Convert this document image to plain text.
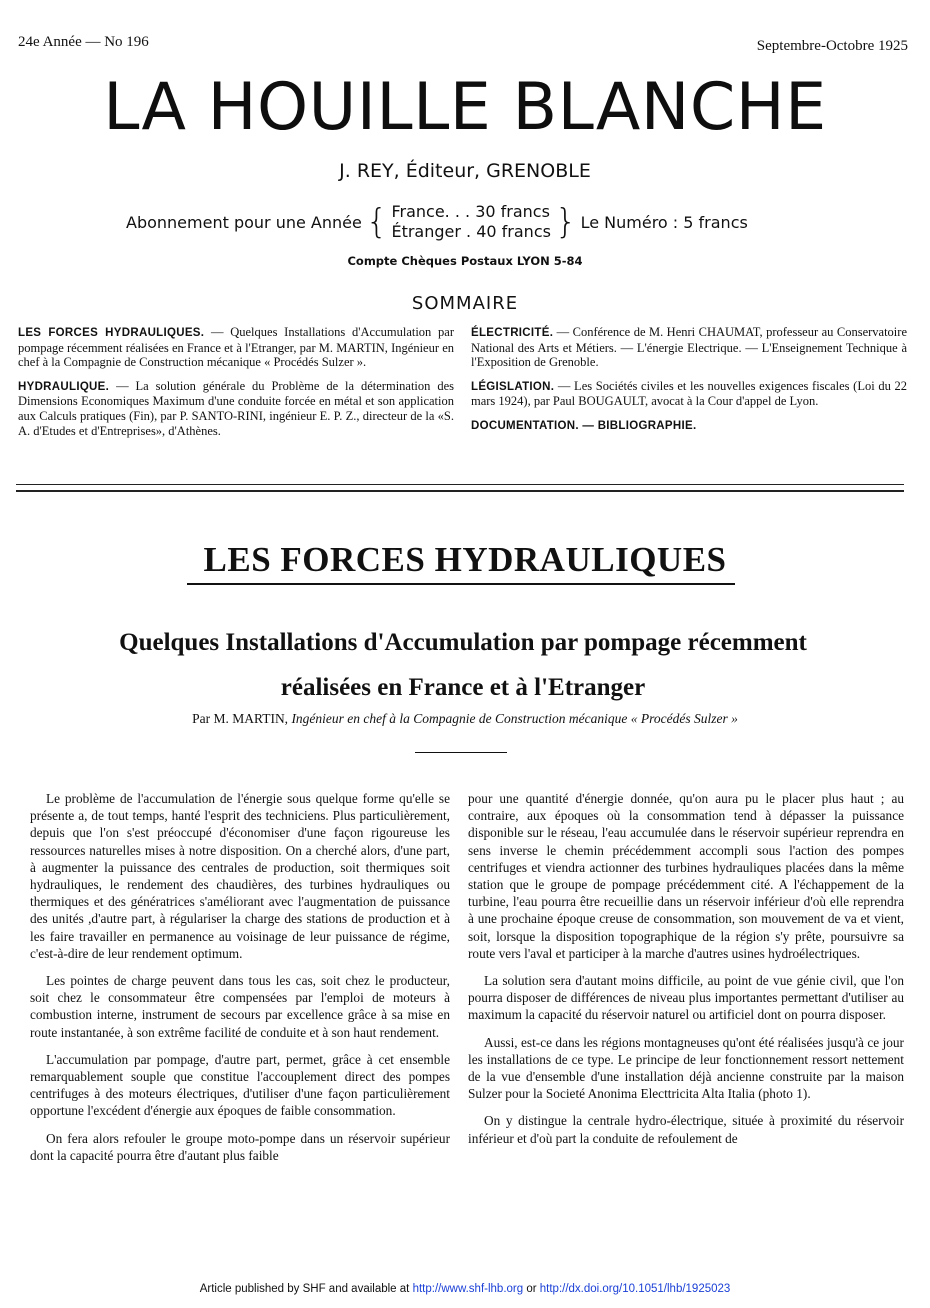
24e Année — No 196	Septembre-Octobre 1925
LA HOUILLE BLANCHE
J. REY, Éditeur, GRENOBLE
Abonnement pour une Année { France. . . 30 francs
Étranger . 40 francs } Le Numéro : 5 francs
Compte Chèques Postaux LYON 5-84
SOMMAIRE

LES FORCES HYDRAULIQUES. — Quelques Installations d'Accumulation par pompage récemment réalisées en France et à l'Etranger, par M. MARTIN, Ingénieur en chef à la Compagnie de Construction mécanique « Procédés Sulzer ».

HYDRAULIQUE. — La solution générale du Problème de la détermination des Dimensions Economiques Maximum d'une conduite forcée en métal et son application aux Calculs pratiques (Fin), par P. SANTO-RINI, ingénieur E. P. Z., directeur de la «S. A. d'Etudes et d'Entreprises», d'Athènes.

ÉLECTRICITÉ. — Conférence de M. Henri CHAUMAT, professeur au Conservatoire National des Arts et Métiers. — L'énergie Electrique. — L'Enseignement Technique à l'Exposition de Grenoble.

LÉGISLATION. — Les Sociétés civiles et les nouvelles exigences fiscales (Loi du 22 mars 1924), par Paul BOUGAULT, avocat à la Cour d'appel de Lyon.

DOCUMENTATION. — BIBLIOGRAPHIE.

LES FORCES HYDRAULIQUES
Quelques Installations d'Accumulation par pompage récemment
réalisées en France et à l'Etranger
Par M. MARTIN, Ingénieur en chef à la Compagnie de Construction mécanique « Procédés Sulzer »

Le problème de l'accumulation de l'énergie sous quelque forme qu'elle se présente a, de tout temps, hanté l'esprit des techniciens. Plus particulièrement, depuis que l'on s'est préoccupé d'économiser d'une façon rigoureuse les ressources naturelles mises à notre disposition. On a cherché alors, d'une part, à augmenter la puissance des centrales de production, soit thermiques soit hydrauliques, le rendement des chaudières, des turbines hydrauliques ou thermiques et des génératrices s'améliorant avec l'augmentation de puissance des unités ,d'autre part, à régulariser la charge des stations de production et à les faire travailler en permanence au voisinage de leur puissance de régime, c'est-à-dire de leur rendement optimum.

Les pointes de charge peuvent dans tous les cas, soit chez le producteur, soit chez le consommateur être compensées par l'emploi de moteurs à combustion interne, instrument de secours par excellence grâce à sa mise en route instantanée, à son extrême facilité de conduite et à son haut rendement.

L'accumulation par pompage, d'autre part, permet, grâce à cet ensemble remarquablement souple que constitue l'accouplement direct des pompes centrifuges à des moteurs électriques, d'utiliser d'une façon particulièrement opportune l'excédent d'énergie aux époques de faible consommation.

On fera alors refouler le groupe moto-pompe dans un réservoir supérieur dont la capacité pourra être d'autant plus faible

pour une quantité d'énergie donnée, qu'on aura pu le placer plus haut ; au contraire, aux époques où la consommation tend à dépasser la puissance disponible sur le réseau, l'eau accumulée dans le réservoir supérieur reprendra en sens inverse le chemin précédemment accompli sous l'action des pompes centrifuges et viendra actionner des turbines hydrauliques placées dans la même station que le groupe de pompage précédemment cité. A l'échappement de la turbine, l'eau pourra être recueillie dans un réservoir inférieur d'où elle reprendra à une prochaine époque creuse de consommation, son mouvement de va et vient, soit, lorsque la disposition topographique de la région s'y prête, poursuivre sa route vers l'aval et participer à la marche d'autres usines hydroélectriques.

La solution sera d'autant moins difficile, au point de vue génie civil, que l'on pourra disposer de différences de niveau plus importantes permettant d'utiliser au maximum la capacité du réservoir naturel ou artificiel dont on pourra disposer.

Aussi, est-ce dans les régions montagneuses qu'ont été réalisées jusqu'à ce jour les installations de ce type. Le principe de leur fonctionnement ressort nettement de la vue d'ensemble d'une installation déjà ancienne construite par la maison Sulzer pour la Societé Anonima Electtricita Alta Italia (photo 1).

On y distingue la centrale hydro-électrique, située à proximité du réservoir inférieur et d'où part la conduite de refoulement de

Article published by SHF and available at http://www.shf-lhb.org or http://dx.doi.org/10.1051/lhb/1925023
